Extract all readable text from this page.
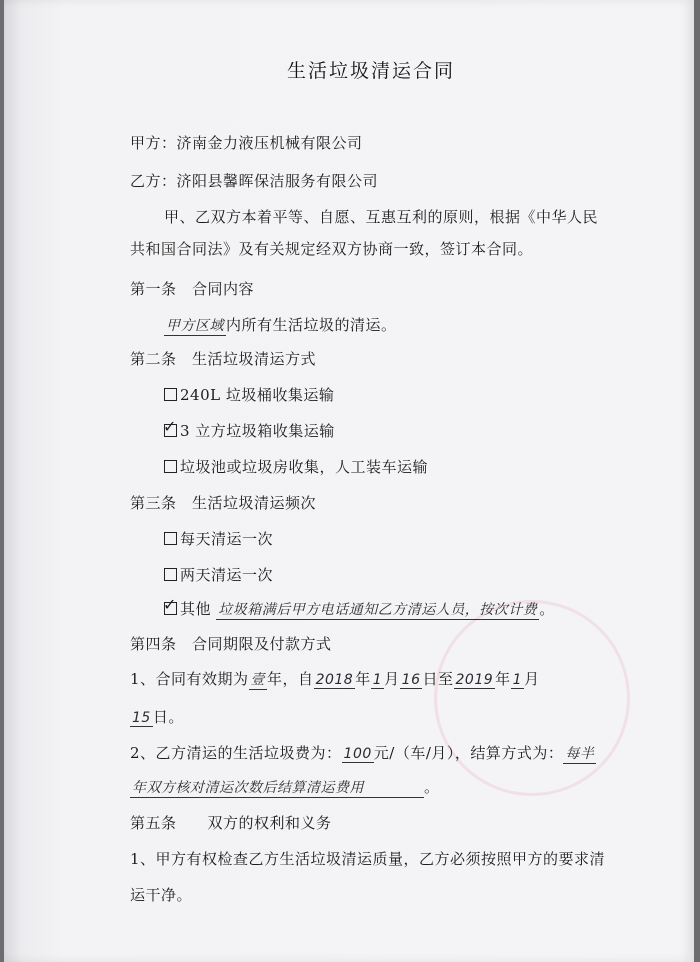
生活垃圾清运合同
甲方：济南金力液压机械有限公司
乙方：济阳县馨晖保洁服务有限公司
甲、乙双方本着平等、自愿、互惠互利的原则，根据《中华人民
共和国合同法》及有关规定经双方协商一致，签订本合同。
第一条　合同内容
甲方区域 内所有生活垃圾的清运。
第二条　生活垃圾清运方式
240L 垃圾桶收集运输
✓ 3 立方垃圾箱收集运输
垃圾池或垃圾房收集，人工装车运输
第三条　生活垃圾清运频次
每天清运一次
两天清运一次
✓ 其他 垃圾箱满后甲方电话通知乙方清运人员，按次计费 。
第四条　合同期限及付款方式
1、合同有效期为 壹 年，自 2018 年 1 月 16 日至 2019 年 1 月
15 日。
2、乙方清运的生活垃圾费为： 100 元/（车/月），结算方式为： 每半
年双方核对清运次数后结算清运费用	。
第五条　　双方的权利和义务
1、甲方有权检查乙方生活垃圾清运质量，乙方必须按照甲方的要求清
运干净。
